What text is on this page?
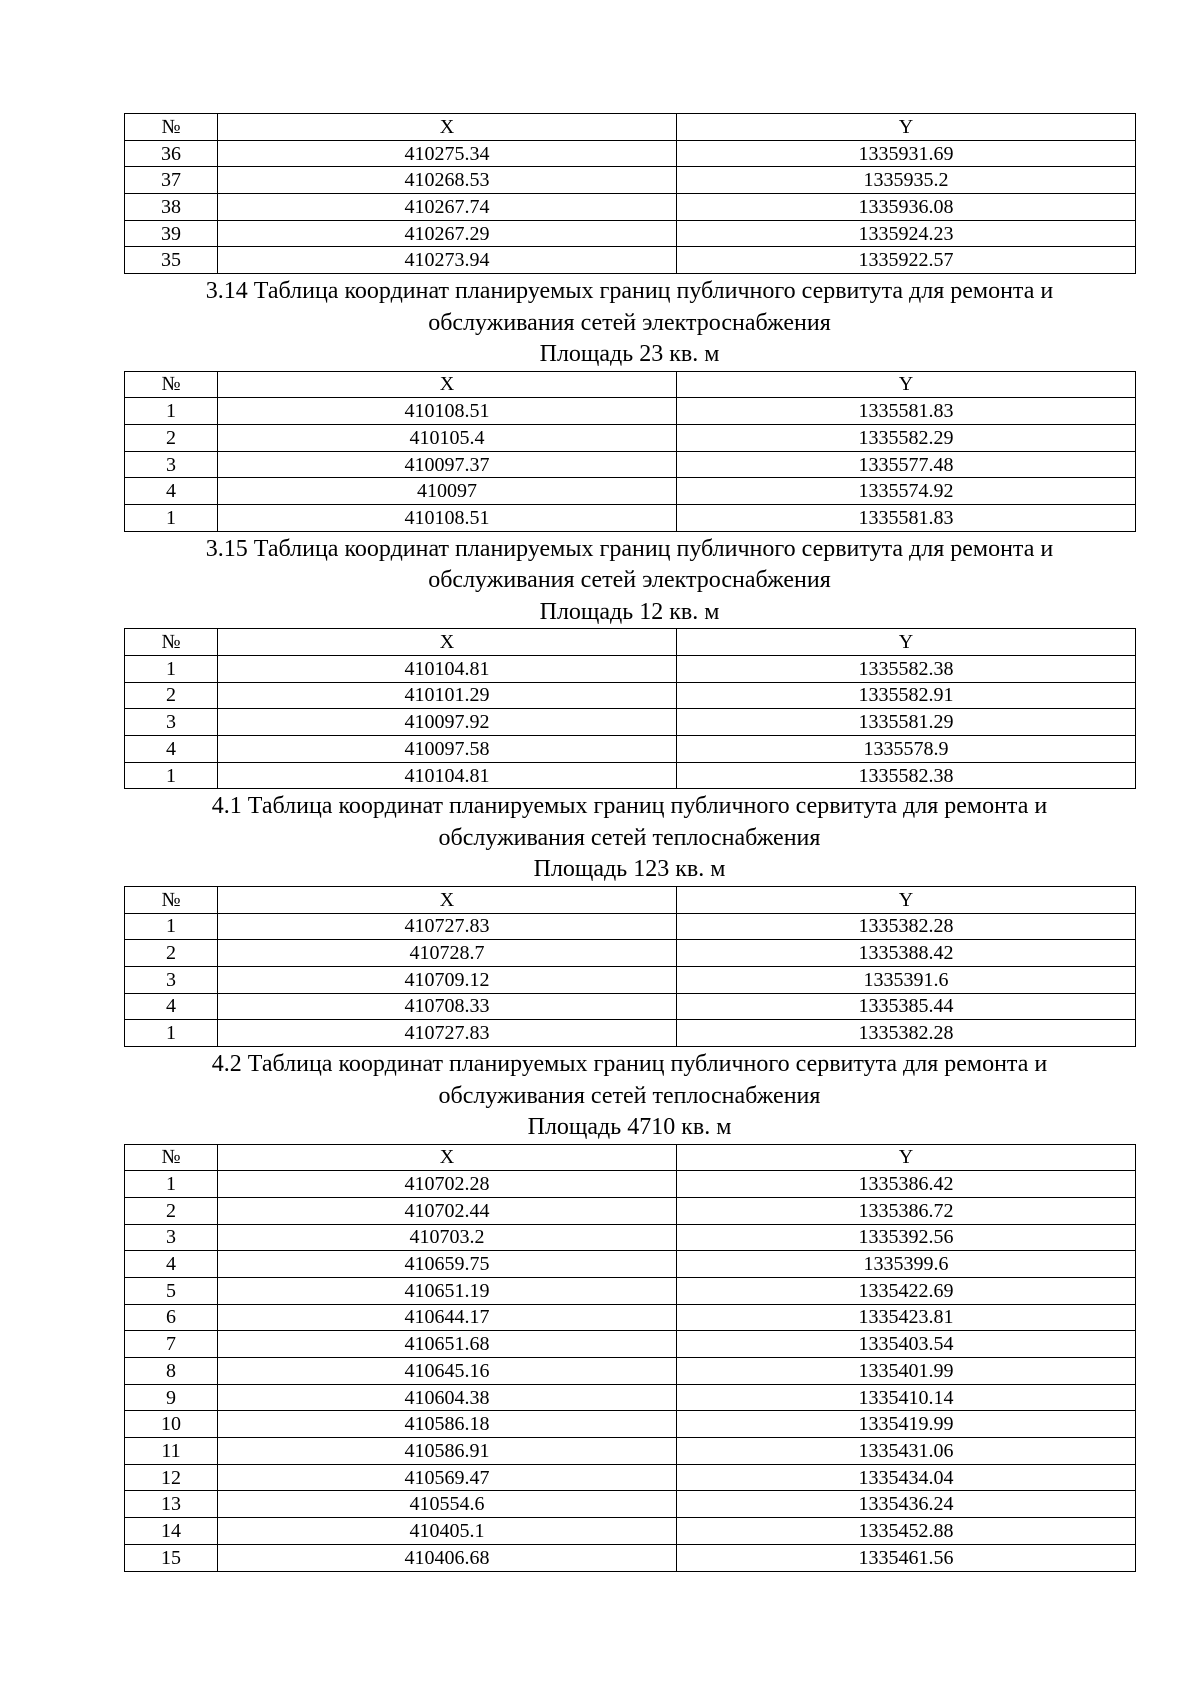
№	X	Y
36	410275.34	1335931.69
37	410268.53	1335935.2
38	410267.74	1335936.08
39	410267.29	1335924.23
35	410273.94	1335922.57
3.14 Таблица координат планируемых границ публичного сервитута для ремонта и
обслуживания сетей электроснабжения
Площадь 23 кв. м
№	X	Y
1	410108.51	1335581.83
2	410105.4	1335582.29
3	410097.37	1335577.48
4	410097	1335574.92
1	410108.51	1335581.83
3.15 Таблица координат планируемых границ публичного сервитута для ремонта и
обслуживания сетей электроснабжения
Площадь 12 кв. м
№	X	Y
1	410104.81	1335582.38
2	410101.29	1335582.91
3	410097.92	1335581.29
4	410097.58	1335578.9
1	410104.81	1335582.38
4.1 Таблица координат планируемых границ публичного сервитута для ремонта и
обслуживания сетей теплоснабжения
Площадь 123 кв. м
№	X	Y
1	410727.83	1335382.28
2	410728.7	1335388.42
3	410709.12	1335391.6
4	410708.33	1335385.44
1	410727.83	1335382.28
4.2 Таблица координат планируемых границ публичного сервитута для ремонта и
обслуживания сетей теплоснабжения
Площадь 4710 кв. м
№	X	Y
1	410702.28	1335386.42
2	410702.44	1335386.72
3	410703.2	1335392.56
4	410659.75	1335399.6
5	410651.19	1335422.69
6	410644.17	1335423.81
7	410651.68	1335403.54
8	410645.16	1335401.99
9	410604.38	1335410.14
10	410586.18	1335419.99
11	410586.91	1335431.06
12	410569.47	1335434.04
13	410554.6	1335436.24
14	410405.1	1335452.88
15	410406.68	1335461.56
